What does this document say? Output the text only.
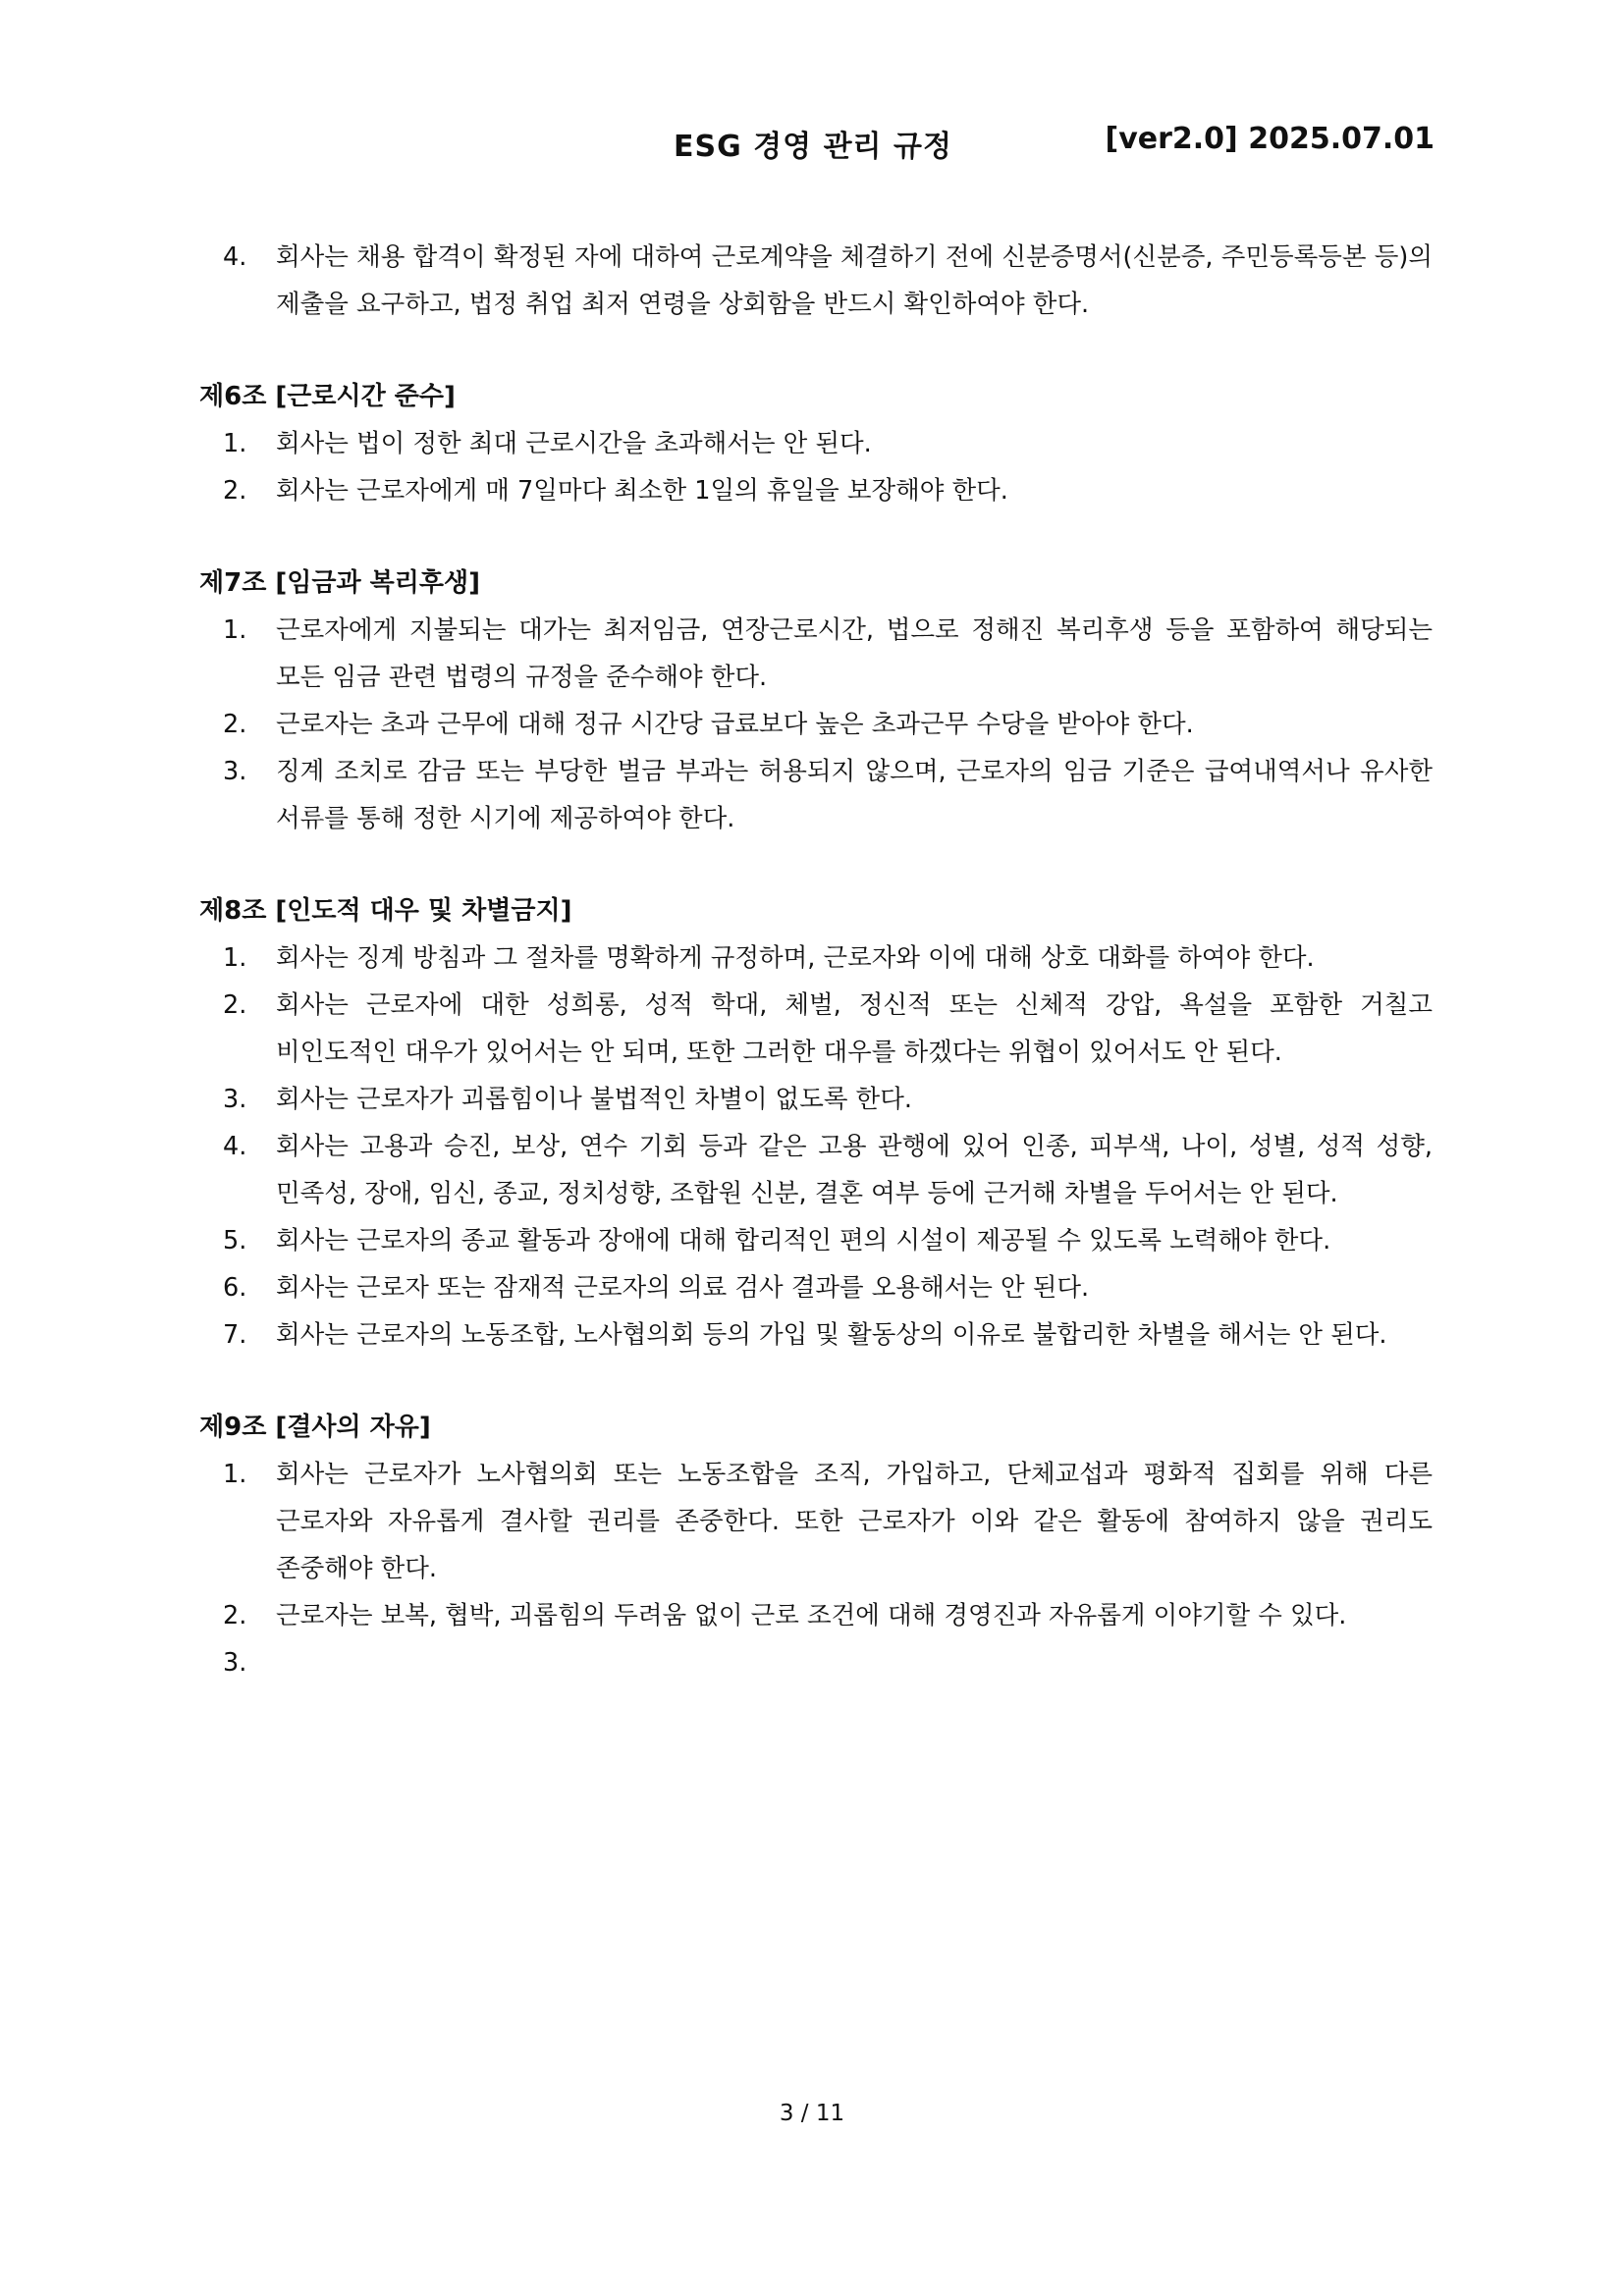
ESG 경영 관리 규정	[ver2.0] 2025.07.01
4. 회사는 채용 합격이 확정된 자에 대하여 근로계약을 체결하기 전에 신분증명서(신분증, 주민등록등본 등)의 제출을 요구하고, 법정 취업 최저 연령을 상회함을 반드시 확인하여야 한다.
제6조 [근로시간 준수]
1. 회사는 법이 정한 최대 근로시간을 초과해서는 안 된다.
2. 회사는 근로자에게 매 7일마다 최소한 1일의 휴일을 보장해야 한다.
제7조 [임금과 복리후생]
1. 근로자에게 지불되는 대가는 최저임금, 연장근로시간, 법으로 정해진 복리후생 등을 포함하여 해당되는 모든 임금 관련 법령의 규정을 준수해야 한다.
2. 근로자는 초과 근무에 대해 정규 시간당 급료보다 높은 초과근무 수당을 받아야 한다.
3. 징계 조치로 감금 또는 부당한 벌금 부과는 허용되지 않으며, 근로자의 임금 기준은 급여내역서나 유사한 서류를 통해 정한 시기에 제공하여야 한다.
제8조 [인도적 대우 및 차별금지]
1. 회사는 징계 방침과 그 절차를 명확하게 규정하며, 근로자와 이에 대해 상호 대화를 하여야 한다.
2. 회사는 근로자에 대한 성희롱, 성적 학대, 체벌, 정신적 또는 신체적 강압, 욕설을 포함한 거칠고 비인도적인 대우가 있어서는 안 되며, 또한 그러한 대우를 하겠다는 위협이 있어서도 안 된다.
3. 회사는 근로자가 괴롭힘이나 불법적인 차별이 없도록 한다.
4. 회사는 고용과 승진, 보상, 연수 기회 등과 같은 고용 관행에 있어 인종, 피부색, 나이, 성별, 성적 성향, 민족성, 장애, 임신, 종교, 정치성향, 조합원 신분, 결혼 여부 등에 근거해 차별을 두어서는 안 된다.
5. 회사는 근로자의 종교 활동과 장애에 대해 합리적인 편의 시설이 제공될 수 있도록 노력해야 한다.
6. 회사는 근로자 또는 잠재적 근로자의 의료 검사 결과를 오용해서는 안 된다.
7. 회사는 근로자의 노동조합, 노사협의회 등의 가입 및 활동상의 이유로 불합리한 차별을 해서는 안 된다.
제9조 [결사의 자유]
1. 회사는 근로자가 노사협의회 또는 노동조합을 조직, 가입하고, 단체교섭과 평화적 집회를 위해 다른 근로자와 자유롭게 결사할 권리를 존중한다. 또한 근로자가 이와 같은 활동에 참여하지 않을 권리도 존중해야 한다.
2. 근로자는 보복, 협박, 괴롭힘의 두려움 없이 근로 조건에 대해 경영진과 자유롭게 이야기할 수 있다.
3.
3 / 11
